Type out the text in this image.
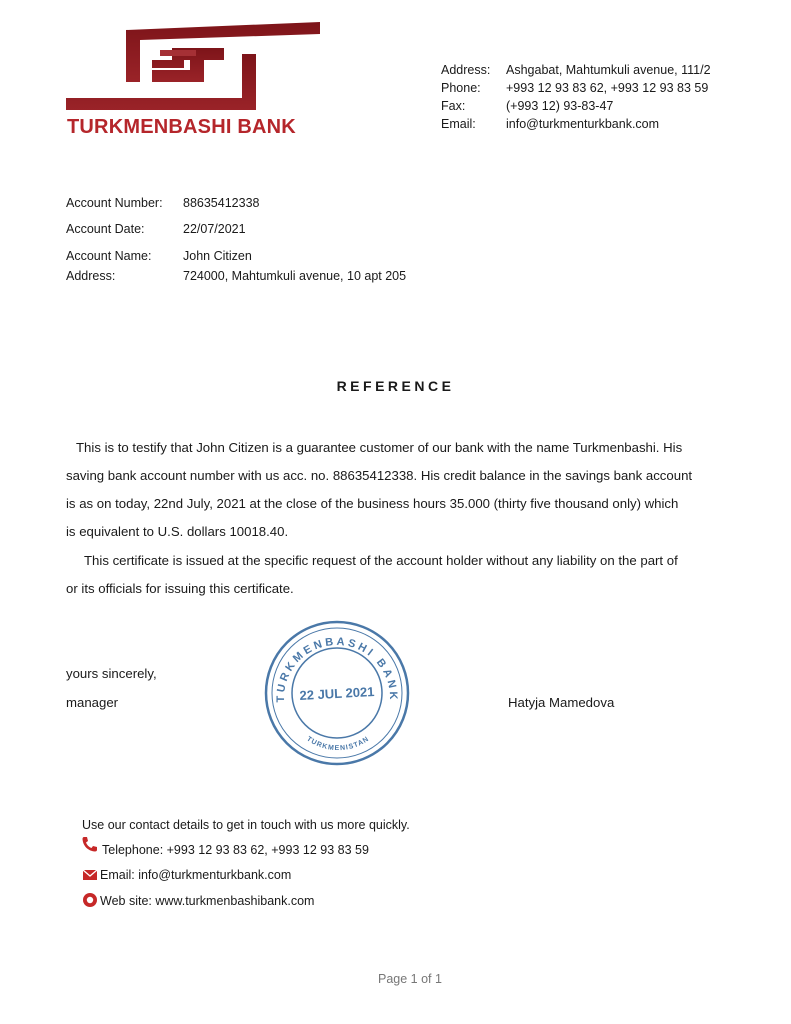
TURKMENBASHI BANK
Address: Ashgabat, Mahtumkuli avenue, 111/2
Phone: +993 12 93 83 62, +993 12 93 83 59
Fax:	(+993 12) 93-83-47
Email: info@turkmenturkbank.com
Account Number: 88635412338
Account Date:	22/07/2021
Account Name:	John Citizen
Address:	724000, Mahtumkuli avenue, 10 apt 205
REFERENCE
This is to testify that John Citizen is a guarantee customer of our bank with the name Turkmenbashi. His
saving bank account number with us acc. no. 88635412338. His credit balance in the savings bank account
is as on today, 22nd July, 2021 at the close of the business hours 35.000 (thirty five thousand only) which
is equivalent to U.S. dollars 10018.40.
This certificate is issued at the specific request of the account holder without any liability on the part of
or its officials for issuing this certificate.
yours sincerely,
manager	Hatyja Mamedova
TURKMENBASHI BANK
22 JUL 2021
TURKMENISTAN
Use our contact details to get in touch with us more quickly.
Telephone: +993 12 93 83 62, +993 12 93 83 59
Email: info@turkmenturkbank.com
Web site: www.turkmenbashibank.com
Page 1 of 1
